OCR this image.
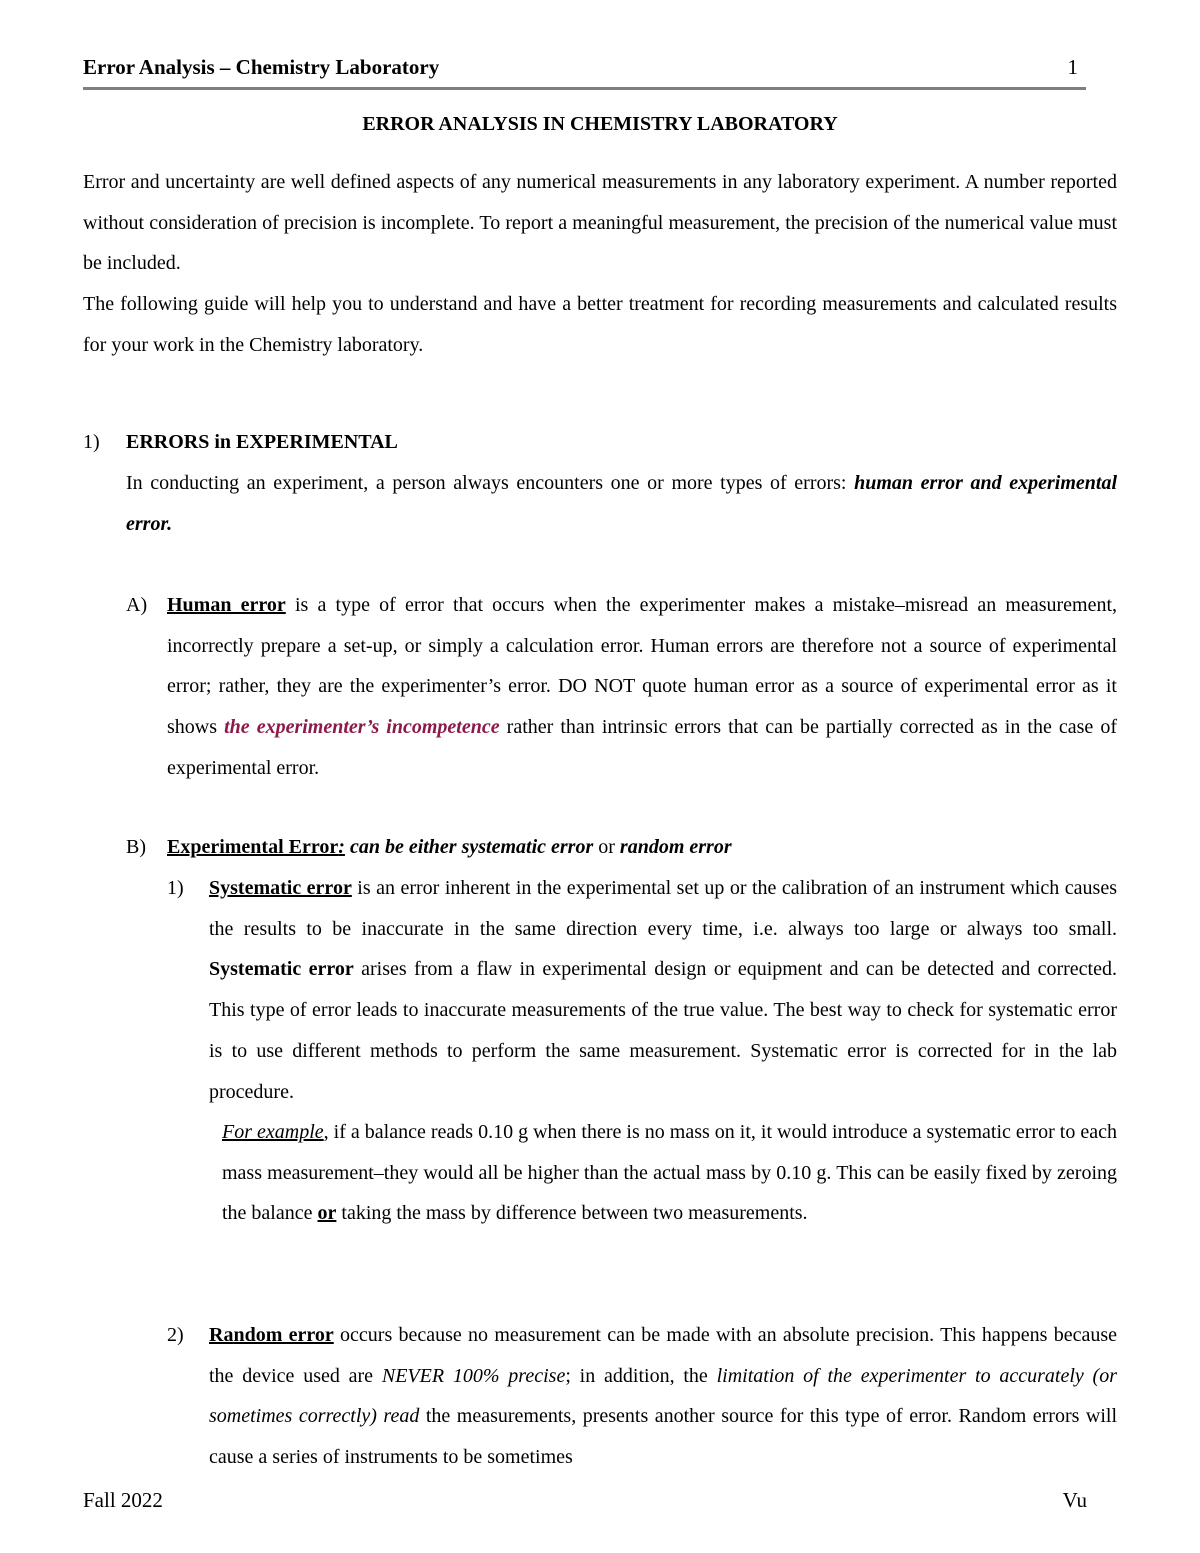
Error Analysis – Chemistry Laboratory	1
ERROR ANALYSIS IN CHEMISTRY LABORATORY
Error and uncertainty are well defined aspects of any numerical measurements in any laboratory experiment. A number reported without consideration of precision is incomplete. To report a meaningful measurement, the precision of the numerical value must be included.
The following guide will help you to understand and have a better treatment for recording measurements and calculated results for your work in the Chemistry laboratory.
1) ERRORS in EXPERIMENTAL
In conducting an experiment, a person always encounters one or more types of errors: human error and experimental error.
A) Human error is a type of error that occurs when the experimenter makes a mistake–misread an measurement, incorrectly prepare a set-up, or simply a calculation error. Human errors are therefore not a source of experimental error; rather, they are the experimenter’s error. DO NOT quote human error as a source of experimental error as it shows the experimenter’s incompetence rather than intrinsic errors that can be partially corrected as in the case of experimental error.
B) Experimental Error: can be either systematic error or random error
1) Systematic error is an error inherent in the experimental set up or the calibration of an instrument which causes the results to be inaccurate in the same direction every time, i.e. always too large or always too small. Systematic error arises from a flaw in experimental design or equipment and can be detected and corrected. This type of error leads to inaccurate measurements of the true value. The best way to check for systematic error is to use different methods to perform the same measurement. Systematic error is corrected for in the lab procedure.
For example, if a balance reads 0.10 g when there is no mass on it, it would introduce a systematic error to each mass measurement–they would all be higher than the actual mass by 0.10 g. This can be easily fixed by zeroing the balance or taking the mass by difference between two measurements.
2) Random error occurs because no measurement can be made with an absolute precision. This happens because the device used are NEVER 100% precise; in addition, the limitation of the experimenter to accurately (or sometimes correctly) read the measurements, presents another source for this type of error. Random errors will cause a series of instruments to be sometimes
Fall 2022	Vu
